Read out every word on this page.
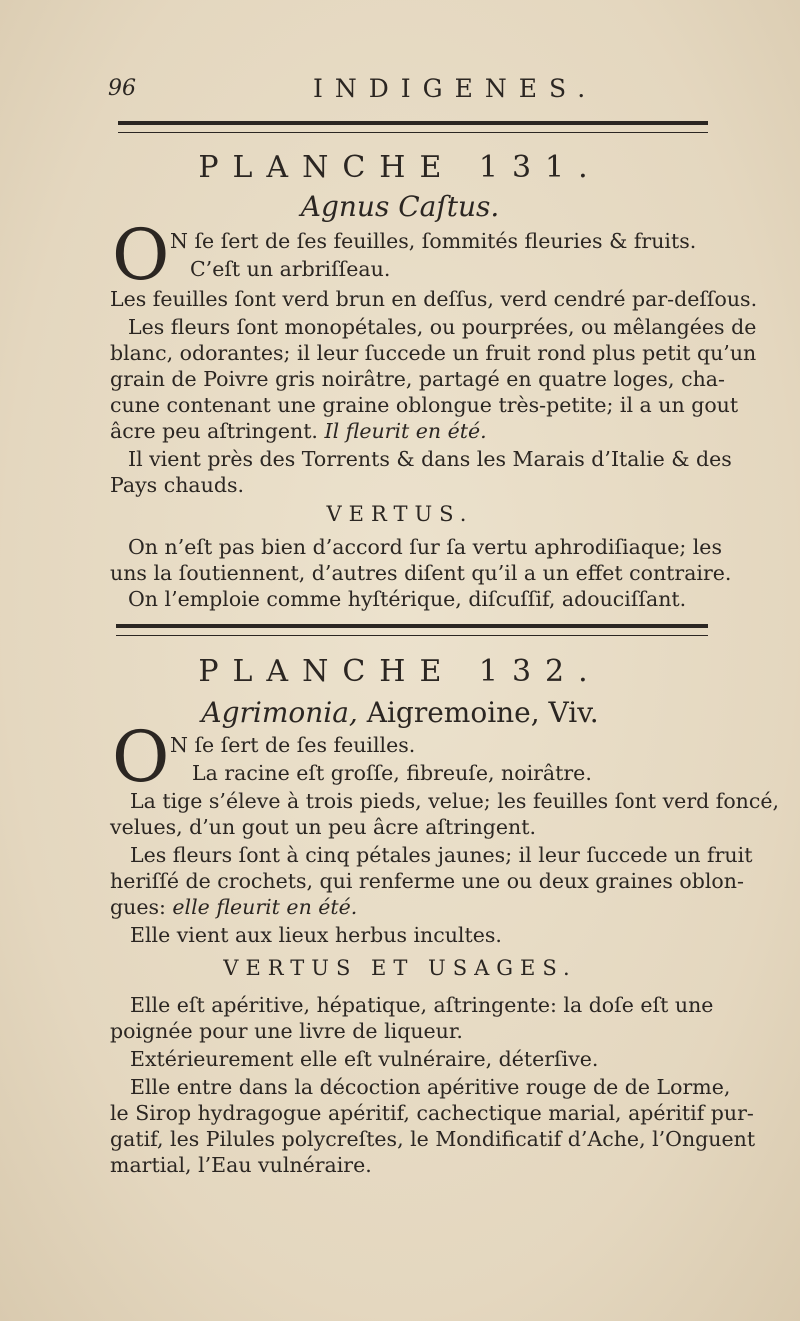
96	INDIGENES.
PLANCHE 131.
Agnus Caſtus.
O N ſe ſert de ſes feuilles, ſommités fleuries & fruits.

C’eſt un arbriſſeau.

Les feuilles ſont verd brun en deſſus, verd cendré par-deſſous.

Les fleurs ſont monopétales, ou pourprées, ou mêlangées de

blanc, odorantes; il leur ſuccede un fruit rond plus petit qu’un

grain de Poivre gris noirâtre, partagé en quatre loges, cha-

cune contenant une graine oblongue très-petite; il a un gout

âcre peu aſtringent. Il fleurit en été.

Il vient près des Torrents & dans les Marais d’Italie & des

Pays chauds.

VERTUS.

On n’eſt pas bien d’accord ſur ſa vertu aphrodiſiaque; les

uns la ſoutiennent, d’autres diſent qu’il a un effet contraire.

On l’emploie comme hyſtérique, diſcuſſif, adouciſſant.

PLANCHE 132.
Agrimonia, Aigremoine, Viv.
O N ſe ſert de ſes feuilles.

La racine eſt groſſe, fibreuſe, noirâtre.

La tige s’éleve à trois pieds, velue; les feuilles ſont verd foncé,

velues, d’un gout un peu âcre aſtringent.

Les fleurs ſont à cinq pétales jaunes; il leur ſuccede un fruit

heriſſé de crochets, qui renferme une ou deux graines oblon-

gues: elle fleurit en été.

Elle vient aux lieux herbus incultes.

VERTUS ET USAGES.

Elle eſt apéritive, hépatique, aſtringente: la doſe eſt une

poignée pour une livre de liqueur.

Extérieurement elle eſt vulnéraire, déterſive.

Elle entre dans la décoction apéritive rouge de de Lorme,

le Sirop hydragogue apéritif, cachectique marial, apéritif pur-

gatif, les Pilules polycreſtes, le Mondificatif d’Ache, l’Onguent

martial, l’Eau vulnéraire.
